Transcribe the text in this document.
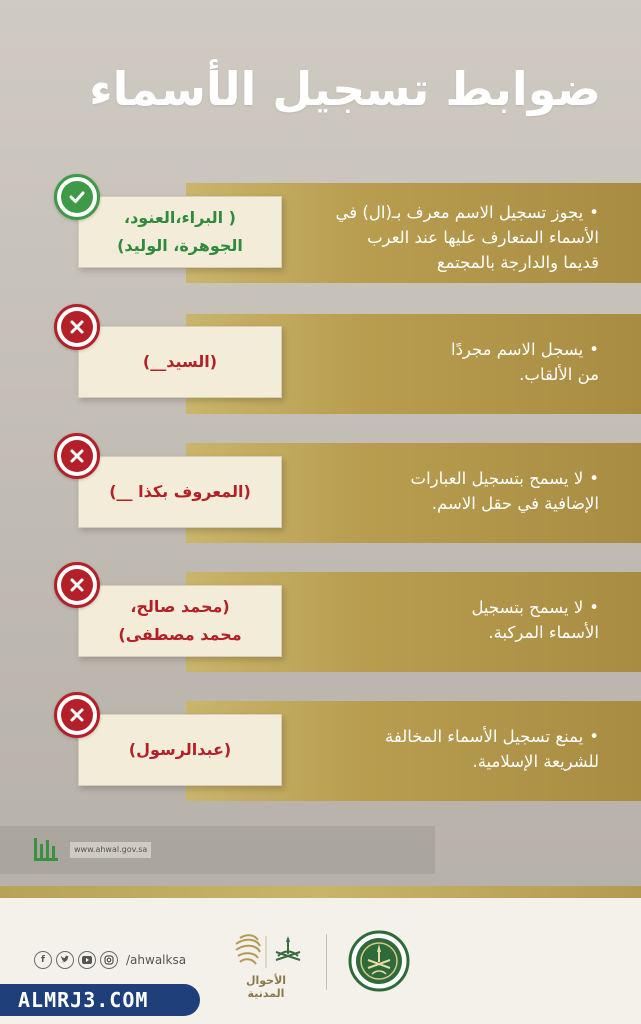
ضوابط تسجيل الأسماء
•يجوز تسجيل الاسم معرف بـ(ال) في
الأسماء المتعارف عليها عند العرب
قديما والدارجة بالمجتمع
( البراء،العنود،
الجوهرة، الوليد)
•يسجل الاسم مجردًا
من الألقاب.
(السيد__)
•لا يسمح بتسجيل العبارات
الإضافية في حقل الاسم.
(المعروف بكذا __)
•لا يسمح بتسجيل
الأسماء المركبة.
(محمد صالح،
محمد مصطفى)
•يمنع تسجيل الأسماء المخالفة
للشريعة الإسلامية.
(عبدالرسول)
www.ahwal.gov.sa
f	/ahwalksa
ALMRJ3.COM
الأحوال المدنية
